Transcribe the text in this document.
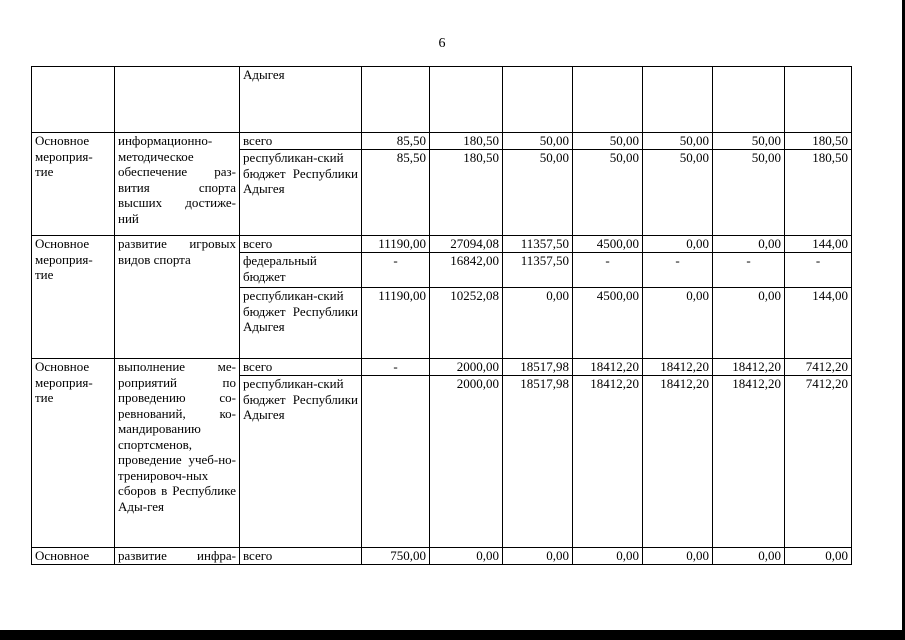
6
		Адыгея							
Основное мероприя-тие	информационно-методическое обеспечение раз-вития спорта высших достиже-ний	всего	85,50	180,50	50,00	50,00	50,00	50,00	180,50
		республикан-ский бюджет Республики Адыгея	85,50	180,50	50,00	50,00	50,00	50,00	180,50
Основное мероприя-тие	развитие игровых видов спорта	всего	11190,00	27094,08	11357,50	4500,00	0,00	0,00	144,00
		федеральный бюджет	-	16842,00	11357,50	-	-	-	-
		республикан-ский бюджет Республики Адыгея	11190,00	10252,08	0,00	4500,00	0,00	0,00	144,00
Основное мероприя-тие	выполнение ме-роприятий по проведению со-ревнований, ко-мандированию спортсменов, проведение учеб-но-тренировоч-ных сборов в Республике Ады-гея	всего	-	2000,00	18517,98	18412,20	18412,20	18412,20	7412,20
		республикан-ский бюджет Республики Адыгея		2000,00	18517,98	18412,20	18412,20	18412,20	7412,20
Основное	развитие инфра-	всего	750,00	0,00	0,00	0,00	0,00	0,00	0,00
